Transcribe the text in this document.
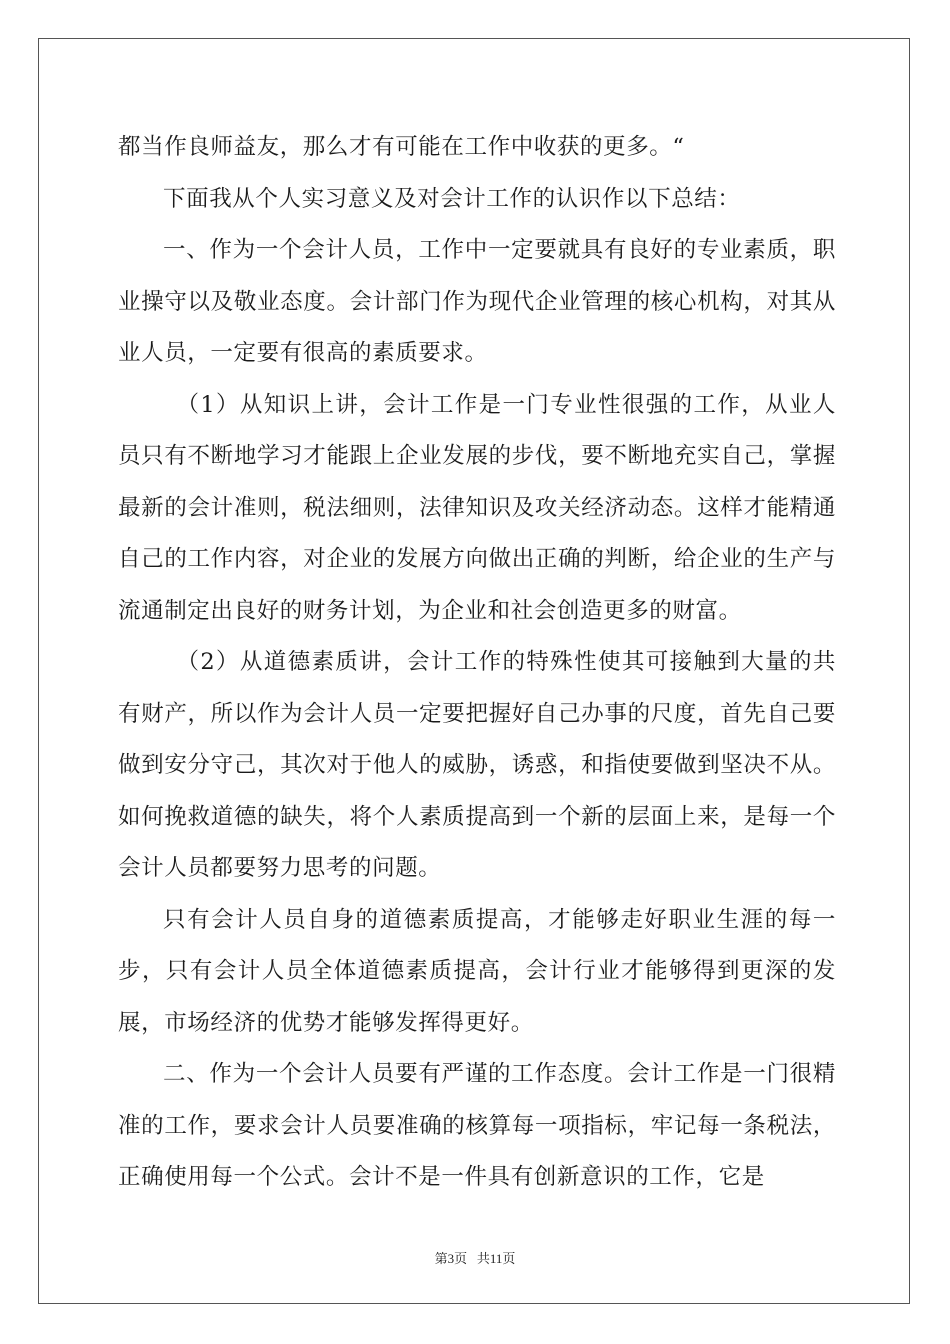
都当作良师益友，那么才有可能在工作中收获的更多。“

下面我从个人实习意义及对会计工作的认识作以下总结：

一、作为一个会计人员，工作中一定要就具有良好的专业素质，职业操守以及敬业态度。会计部门作为现代企业管理的核心机构，对其从业人员，一定要有很高的素质要求。

（1）从知识上讲，会计工作是一门专业性很强的工作，从业人员只有不断地学习才能跟上企业发展的步伐，要不断地充实自己，掌握最新的会计准则，税法细则，法律知识及攻关经济动态。这样才能精通自己的工作内容，对企业的发展方向做出正确的判断，给企业的生产与流通制定出良好的财务计划，为企业和社会创造更多的财富。

（2）从道德素质讲，会计工作的特殊性使其可接触到大量的共有财产，所以作为会计人员一定要把握好自己办事的尺度，首先自己要做到安分守己，其次对于他人的威胁，诱惑，和指使要做到坚决不从。如何挽救道德的缺失，将个人素质提高到一个新的层面上来，是每一个会计人员都要努力思考的问题。

只有会计人员自身的道德素质提高，才能够走好职业生涯的每一步，只有会计人员全体道德素质提高，会计行业才能够得到更深的发展，市场经济的优势才能够发挥得更好。

二、作为一个会计人员要有严谨的工作态度。会计工作是一门很精准的工作，要求会计人员要准确的核算每一项指标，牢记每一条税法，正确使用每一个公式。会计不是一件具有创新意识的工作，它是

第3页 共11页
